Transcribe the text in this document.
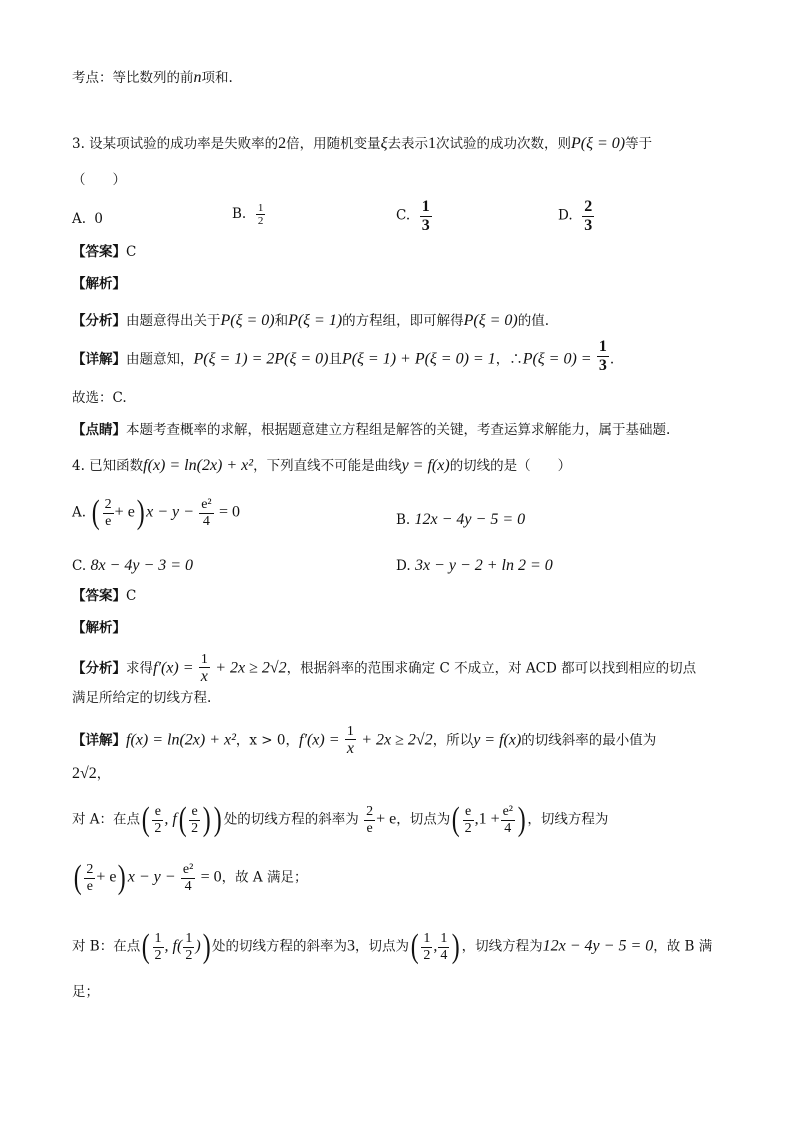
考点：等比数列的前n项和.
3. 设某项试验的成功率是失败率的2倍，用随机变量ξ去表示1次试验的成功次数，则P(ξ = 0)等于
（　　）
A. 0	B. $\frac{1}{2}$	C. $\frac{1}{3}$	D. $\frac{2}{3}$
【答案】C
【解析】
【分析】由题意得出关于P(ξ = 0)和P(ξ = 1)的方程组，即可解得P(ξ = 0)的值.
【详解】由题意知，P(ξ = 1) = 2P(ξ = 0)且P(ξ = 1) + P(ξ = 0) = 1，∴P(ξ = $0) = \frac{1}{3}$ .
故选：C.
【点睛】本题考查概率的求解，根据题意建立方程组是解答的关键，考查运算求解能力，属于基础题.
4. 已知函数f(x) = ln(2x) + x²，下列直线不可能是曲线y = f(x)的切线的是（　　）
A. ( $\frac{2}{e} + e$) $x - y - \frac{\text{e²}}{4} = 0$	B. 12x − 4y − 5 = 0
C. 8x − 4y − 3 = 0	D. 3x − y − 2 + ln 2 = 0
【答案】C
【解析】
【分析】求得$f'(x) = \frac{1}{x} + 2x \ge 2√2$，根据斜率的范围求确定 C 不成立，对 ACD 都可以找到相应的切点
满足所给定的切线方程.
【详解】f(x) = ln(2x) + x²，x > 0，$f'(x) = \frac{1}{x} + 2x \ge 2√2$，所以y = f(x)的切线斜率的最小值为
2√2，
对 A：在点( $\frac{e}{2}$ , $f( \frac{e}{2}$ )) 处的切线方程的斜率为 $\frac{2}{e} + e$，切点为( $\frac{e}{2} ,1 + \frac{\text{e²}}{4}$ ) ，切线方程为
( $\frac{2}{e} + e$) $x - y - \frac{\text{e²}}{4} = 0$，故 A 满足；
对 B：在点( $\frac{1}{2}$ , $f( \frac{1}{2}$ )) 处的切线方程的斜率为3，切点为( $\frac{1}{2}$ , $\frac{1}{4}$ ) ，切线方程为12x − 4y − 5 = 0，故 B 满
足；
